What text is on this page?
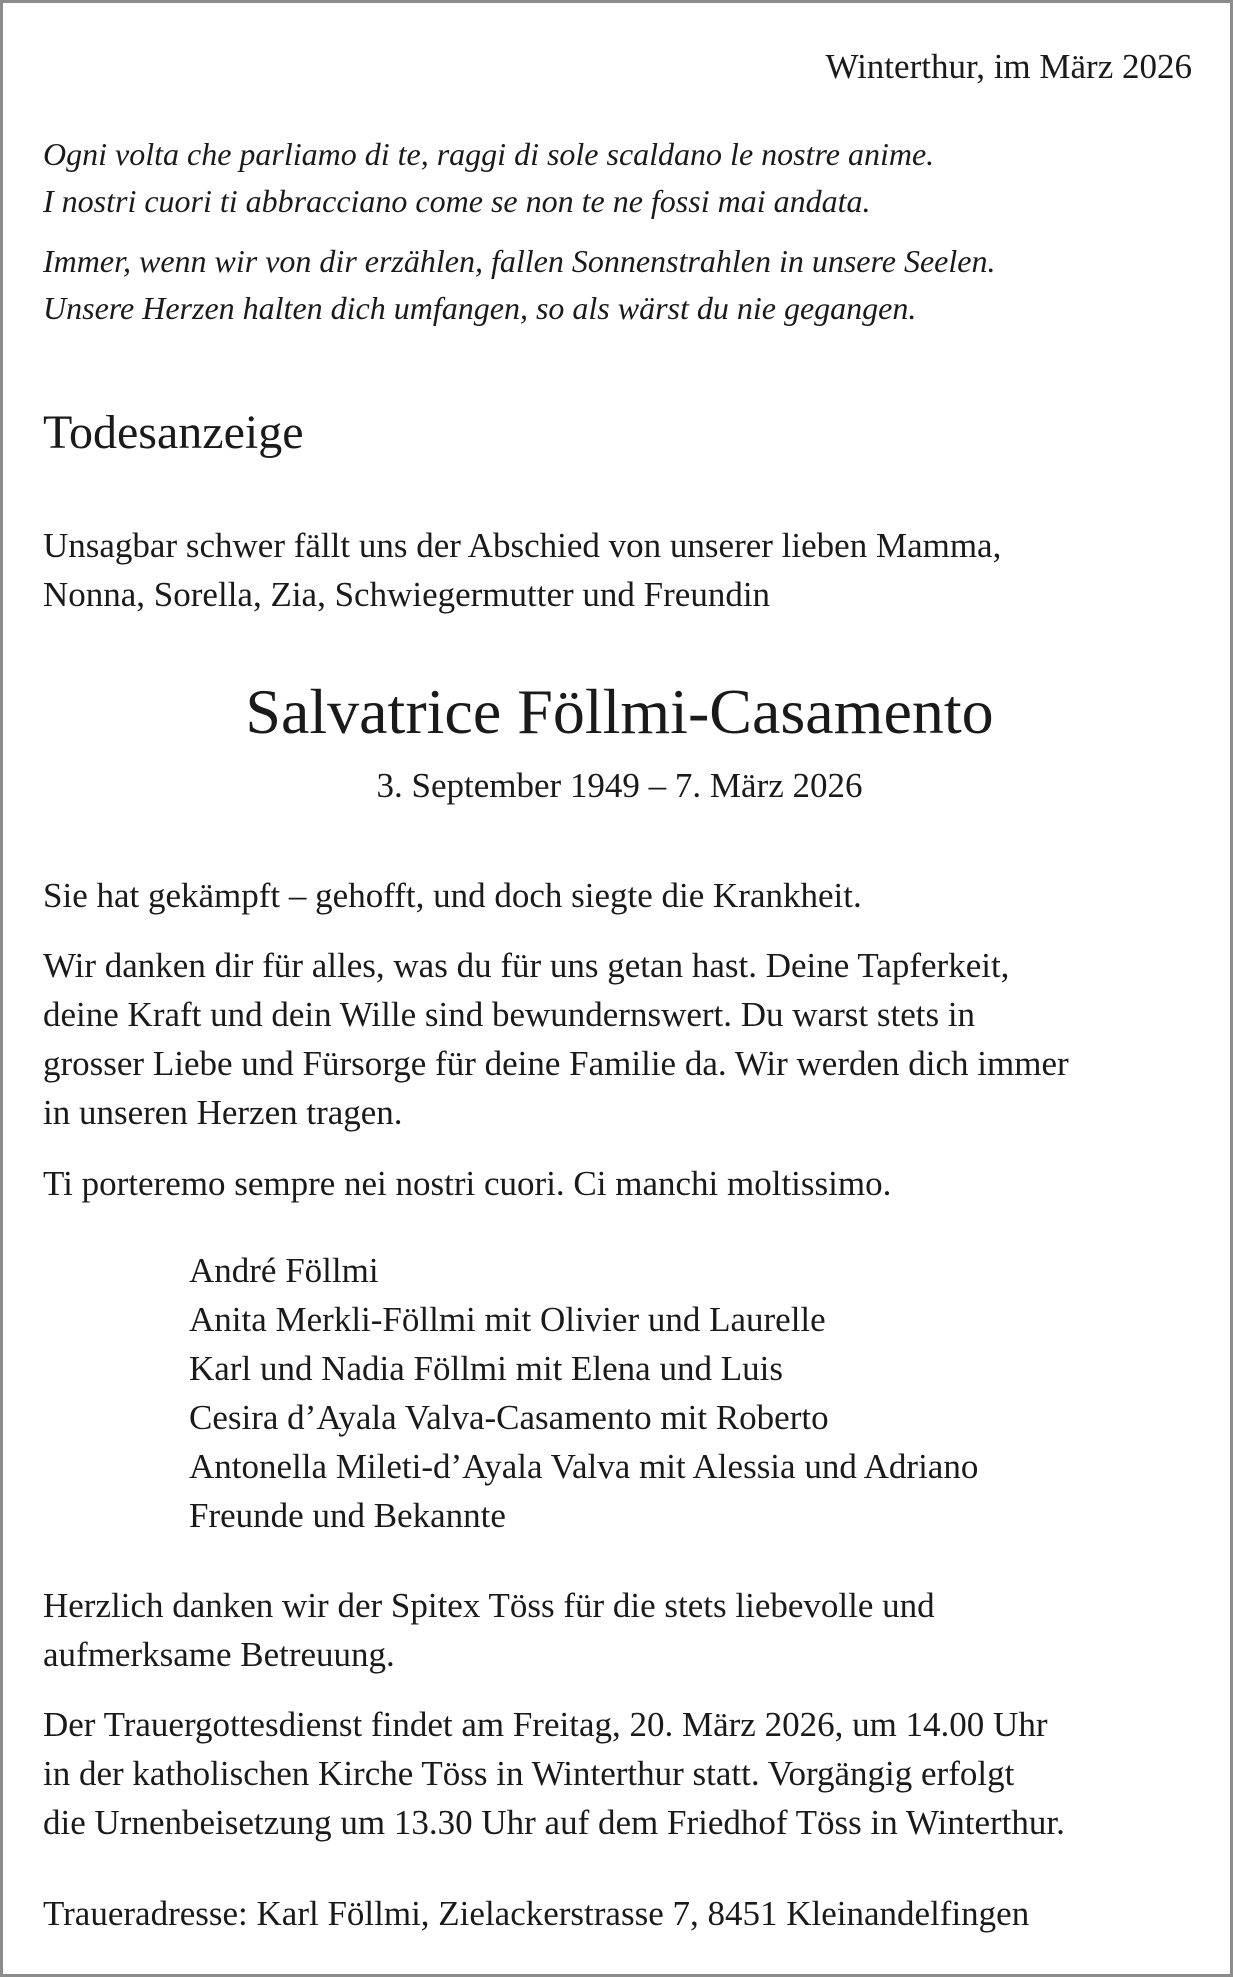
Winterthur, im März 2026

Ogni volta che parliamo di te, raggi di sole scaldano le nostre anime.
I nostri cuori ti abbracciano come se non te ne fossi mai andata.

Immer, wenn wir von dir erzählen, fallen Sonnenstrahlen in unsere Seelen.
Unsere Herzen halten dich umfangen, so als wärst du nie gegangen.

Todesanzeige

Unsagbar schwer fällt uns der Abschied von unserer lieben Mamma,
Nonna, Sorella, Zia, Schwiegermutter und Freundin

Salvatrice Föllmi-Casamento

3. September 1949 – 7. März 2026

Sie hat gekämpft – gehofft, und doch siegte die Krankheit.

Wir danken dir für alles, was du für uns getan hast. Deine Tapferkeit,
deine Kraft und dein Wille sind bewundernswert. Du warst stets in
grosser Liebe und Fürsorge für deine Familie da. Wir werden dich immer
in unseren Herzen tragen.

Ti porteremo sempre nei nostri cuori. Ci manchi moltissimo.

André Föllmi
Anita Merkli-Föllmi mit Olivier und Laurelle
Karl und Nadia Föllmi mit Elena und Luis
Cesira d’Ayala Valva-Casamento mit Roberto
Antonella Mileti-d’Ayala Valva mit Alessia und Adriano
Freunde und Bekannte

Herzlich danken wir der Spitex Töss für die stets liebevolle und
aufmerksame Betreuung.

Der Trauergottesdienst findet am Freitag, 20. März 2026, um 14.00 Uhr
in der katholischen Kirche Töss in Winterthur statt. Vorgängig erfolgt
die Urnenbeisetzung um 13.30 Uhr auf dem Friedhof Töss in Winterthur.

Traueradresse: Karl Föllmi, Zielackerstrasse 7, 8451 Kleinandelfingen
